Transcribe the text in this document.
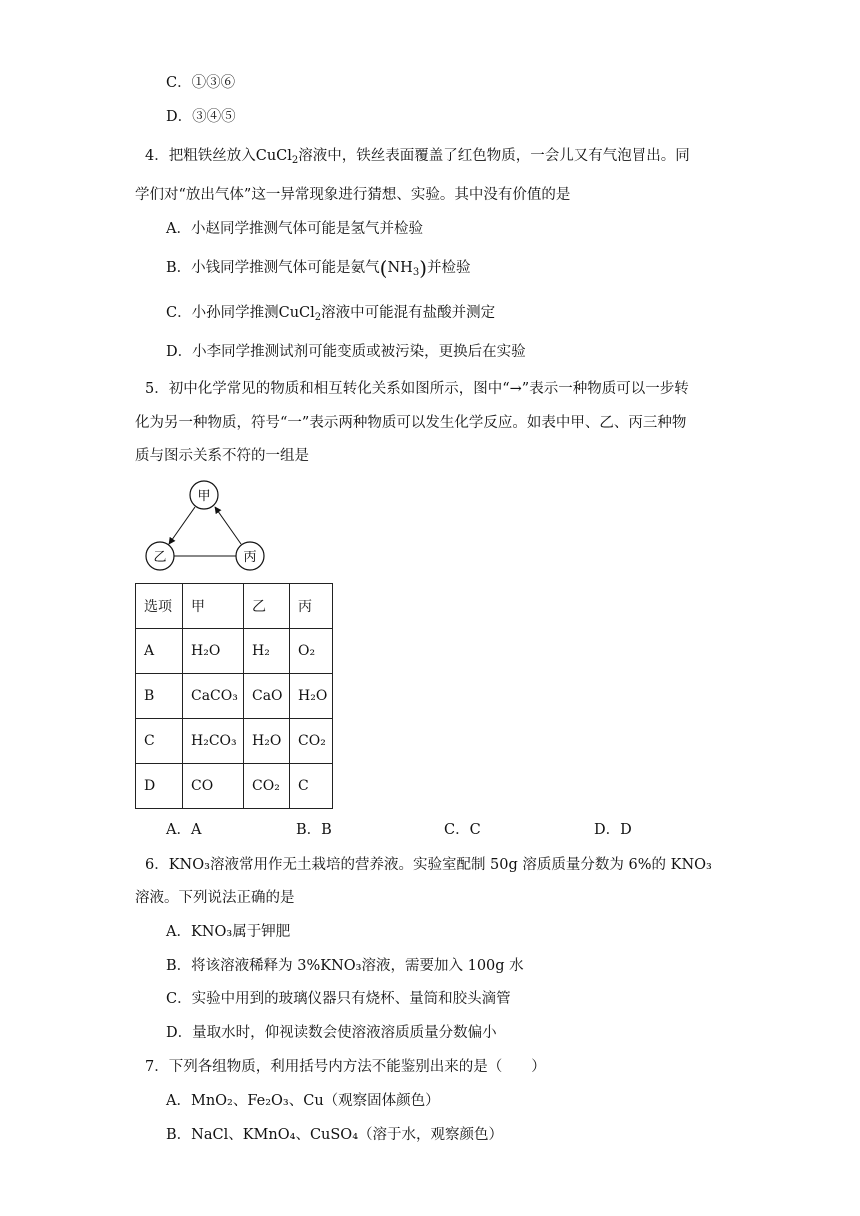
C．①③⑥
D．③④⑤
4．把粗铁丝放入CuCl$_2$溶液中，铁丝表面覆盖了红色物质，一会儿又有气泡冒出。同
学们对“放出气体”这一异常现象进行猜想、实验。其中没有价值的是
A．小赵同学推测气体可能是氢气并检验
B．小钱同学推测气体可能是氨气$(NH_3)$并检验
C．小孙同学推测CuCl$_2$溶液中可能混有盐酸并测定
D．小李同学推测试剂可能变质或被污染，更换后在实验
5．初中化学常见的物质和相互转化关系如图所示，图中“→”表示一种物质可以一步转
化为另一种物质，符号“一”表示两种物质可以发生化学反应。如表中甲、乙、丙三种物
质与图示关系不符的一组是
甲
乙	丙
选项	甲	乙	丙
A	H₂O	H₂	O₂
B	CaCO₃	CaO	H₂O
C	H₂CO₃	H₂O	CO₂
D	CO	CO₂	C
A．A	B．B	C．C	D．D
6．KNO₃溶液常用作无土栽培的营养液。实验室配制 50g 溶质质量分数为 6%的 KNO₃
溶液。下列说法正确的是
A．KNO₃属于钾肥
B．将该溶液稀释为 3%KNO₃溶液，需要加入 100g 水
C．实验中用到的玻璃仪器只有烧杯、量筒和胶头滴管
D．量取水时，仰视读数会使溶液溶质质量分数偏小
7．下列各组物质，利用括号内方法不能鉴别出来的是（　　）
A．MnO₂、Fe₂O₃、Cu（观察固体颜色）
B．NaCl、KMnO₄、CuSO₄（溶于水，观察颜色）
